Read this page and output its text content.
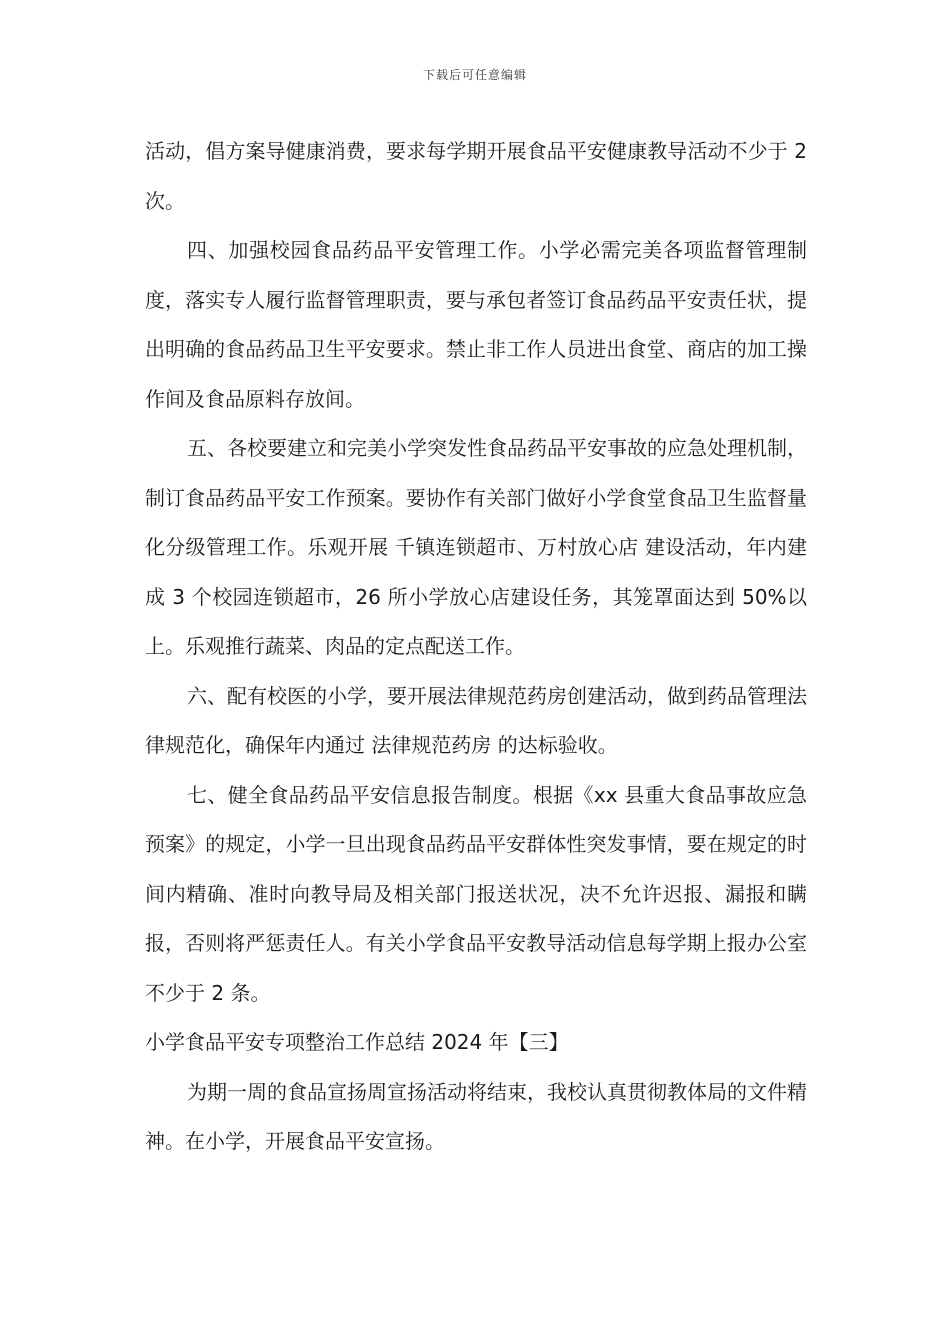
下载后可任意编辑

活动，倡方案导健康消费，要求每学期开展食品平安健康教导活动不少于 2 次。

四、加强校园食品药品平安管理工作。小学必需完美各项监督管理制度，落实专人履行监督管理职责，要与承包者签订食品药品平安责任状，提出明确的食品药品卫生平安要求。禁止非工作人员进出食堂、商店的加工操作间及食品原料存放间。

五、各校要建立和完美小学突发性食品药品平安事故的应急处理机制，制订食品药品平安工作预案。要协作有关部门做好小学食堂食品卫生监督量化分级管理工作。乐观开展 千镇连锁超市、万村放心店 建设活动，年内建成 3 个校园连锁超市，26 所小学放心店建设任务，其笼罩面达到 50%以上。乐观推行蔬菜、肉品的定点配送工作。

六、配有校医的小学，要开展法律规范药房创建活动，做到药品管理法律规范化，确保年内通过 法律规范药房 的达标验收。

七、健全食品药品平安信息报告制度。根据《xx 县重大食品事故应急预案》的规定，小学一旦出现食品药品平安群体性突发事情，要在规定的时间内精确、准时向教导局及相关部门报送状况，决不允许迟报、漏报和瞒报，否则将严惩责任人。有关小学食品平安教导活动信息每学期上报办公室不少于 2 条。

小学食品平安专项整治工作总结 2024 年【三】

为期一周的食品宣扬周宣扬活动将结束，我校认真贯彻教体局的文件精神。在小学，开展食品平安宣扬。
